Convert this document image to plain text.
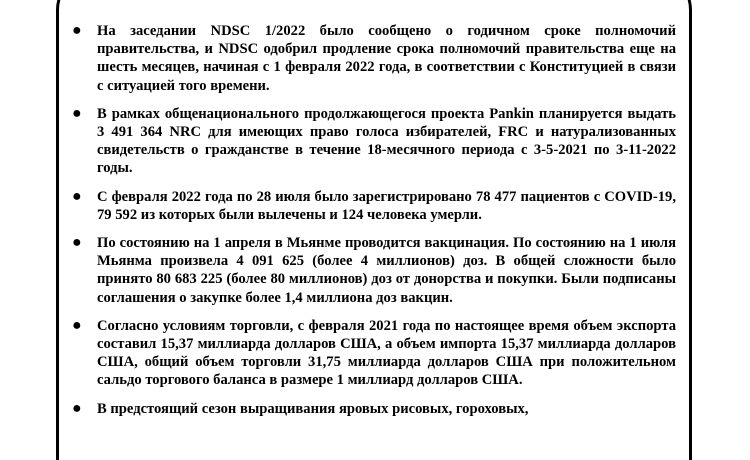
● На заседании NDSC 1/2022 было сообщено о годичном сроке полномочий правительства, и NDSC одобрил продление срока полномочий правительства еще на шесть месяцев, начиная с 1 февраля 2022 года, в соответствии с Конституцией в связи с ситуацией того времени.
● В рамках общенационального продолжающегося проекта Pankin планируется выдать 3 491 364 NRC для имеющих право голоса избирателей, FRC и натурализованных свидетельств о гражданстве в течение 18-месячного периода с 3-5-2021 по 3-11-2022 годы.
● С февраля 2022 года по 28 июля было зарегистрировано 78 477 пациентов с COVID-19, 79 592 из которых были вылечены и 124 человека умерли.
● По состоянию на 1 апреля в Мьянме проводится вакцинация. По состоянию на 1 июля Мьянма произвела 4 091 625 (более 4 миллионов) доз. В общей сложности было принято 80 683 225 (более 80 миллионов) доз от донорства и покупки. Были подписаны соглашения о закупке более 1,4 миллиона доз вакцин.
● Согласно условиям торговли, с февраля 2021 года по настоящее время объем экспорта составил 15,37 миллиарда долларов США, а объем импорта 15,37 миллиарда долларов США, общий объем торговли 31,75 миллиарда долларов США при положительном сальдо торгового баланса в размере 1 миллиард долларов США.
● В предстоящий сезон выращивания яровых рисовых, гороховых,
